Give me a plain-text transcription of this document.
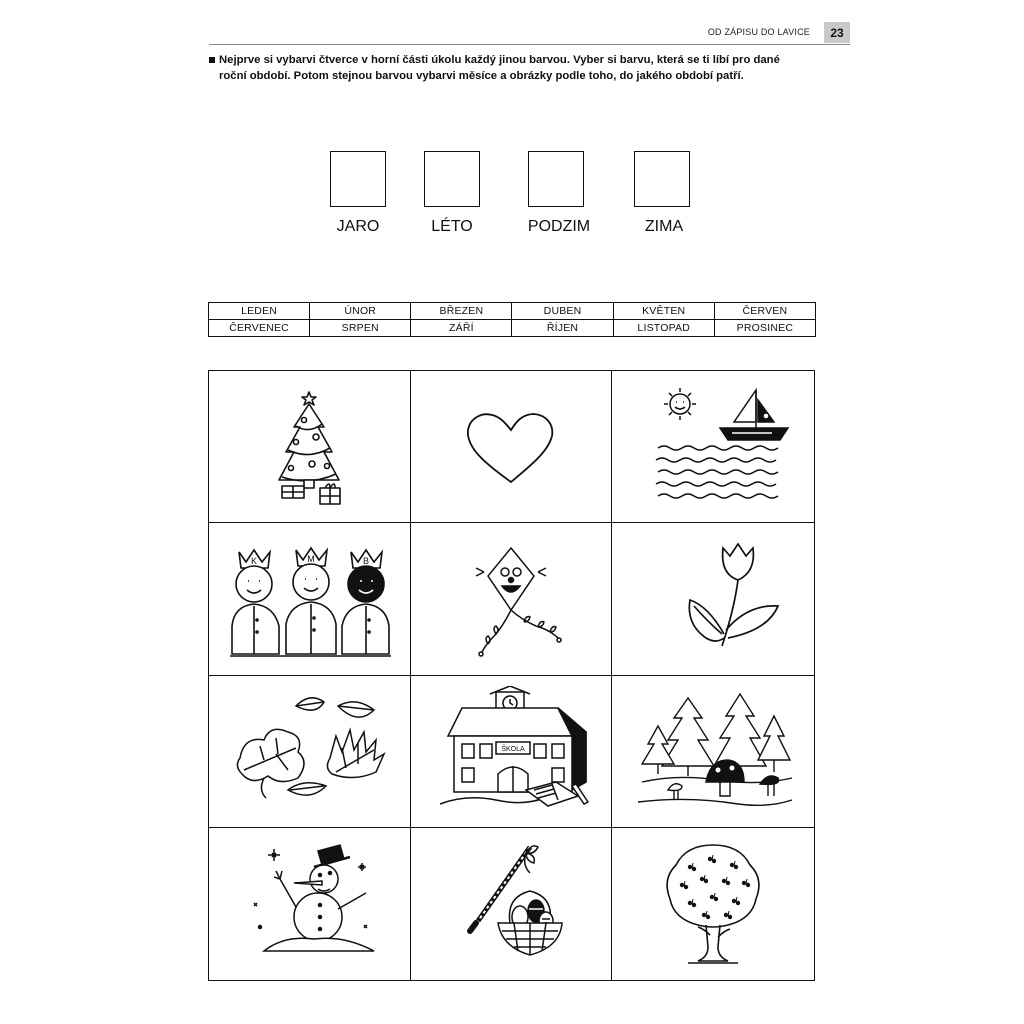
OD ZÁPISU DO LAVICE	23
Nejprve si vybarvi čtverce v horní části úkolu každý jinou barvou. Vyber si barvu, která se ti líbí pro dané roční období. Potom stejnou barvou vybarvi měsíce a obrázky podle toho, do jakého období patří.
JARO	LÉTO	PODZIM	ZIMA
LEDEN	ÚNOR	BŘEZEN	DUBEN	KVĚTEN	ČERVEN
ČERVENEC	SRPEN	ZÁŘÍ	ŘÍJEN	LISTOPAD	PROSINEC
K	M	B
ŠKOLA
